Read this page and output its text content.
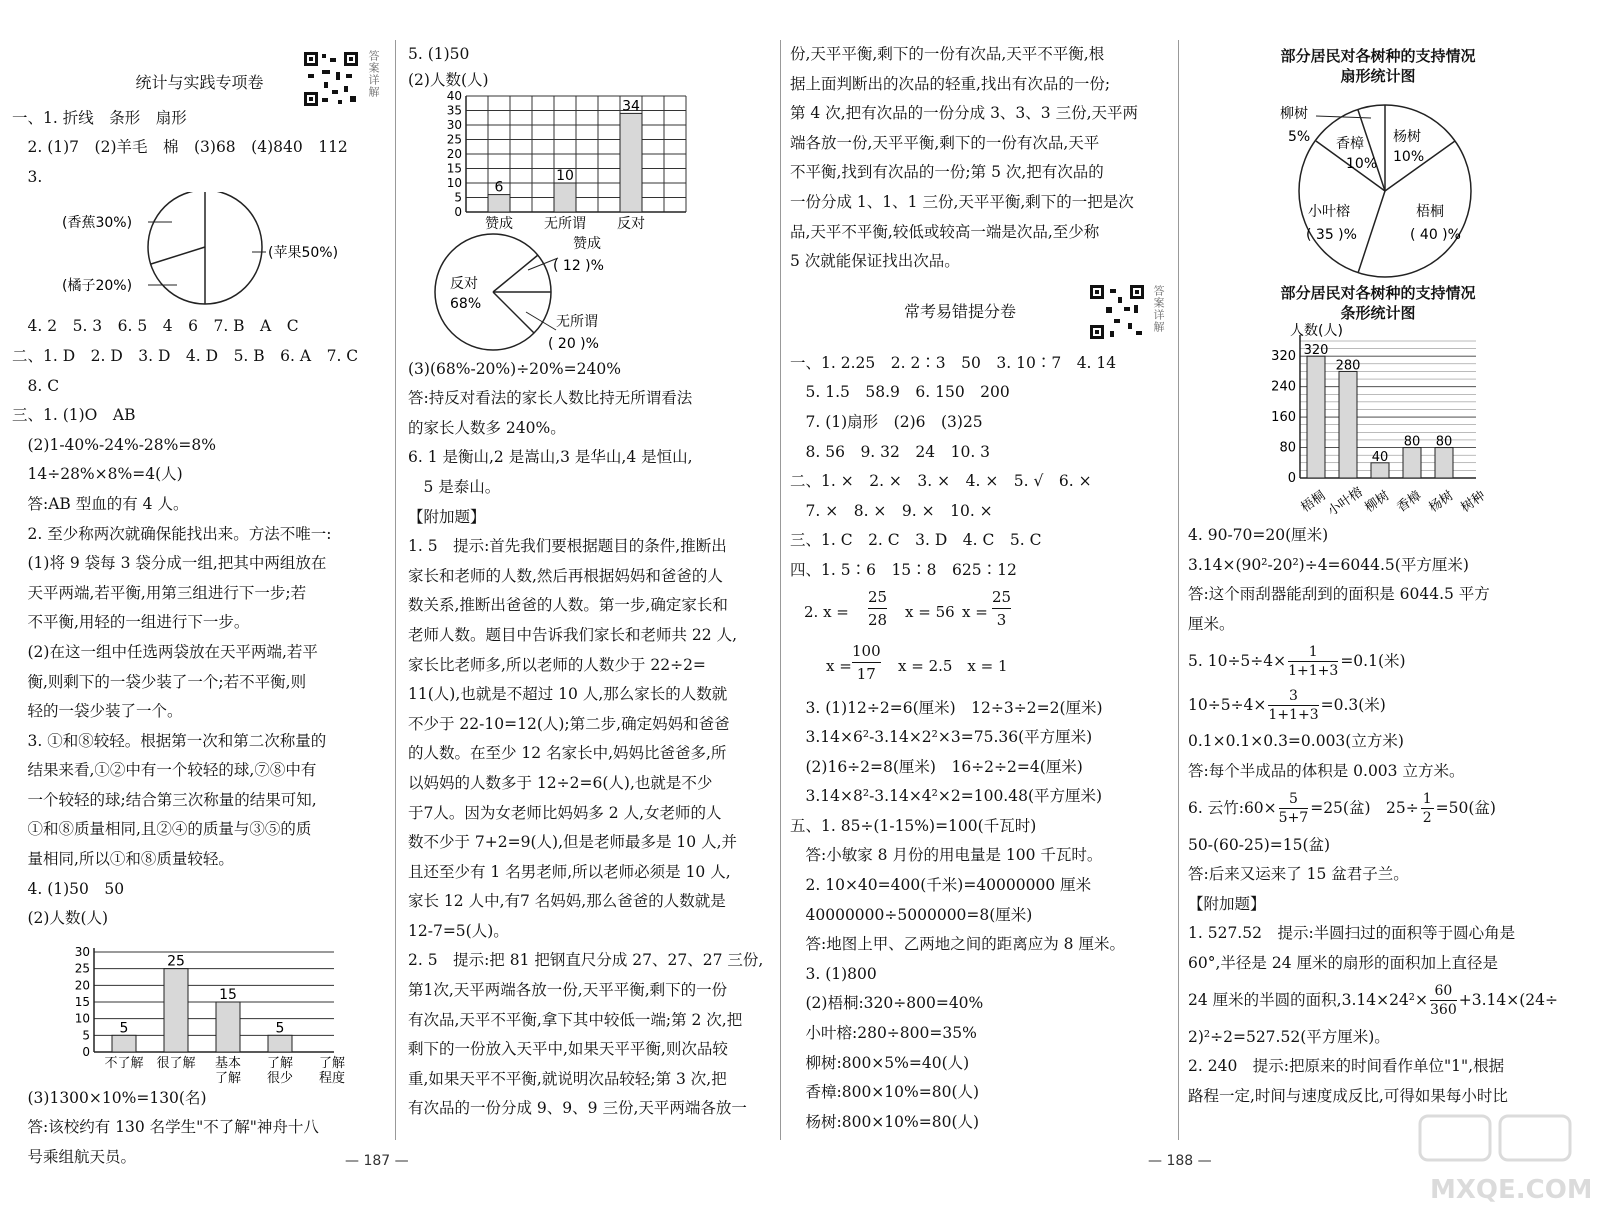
答案详解

统计与实践专项卷

一、1. 折线　条形　扇形

　2. (1)7　(2)羊毛　棉　(3)68　(4)840　112

　3.

(香蕉30%)
(苹果50%)
(橘子20%)

　4. 2　5. 3　6. 5　4　6　7. B　A　C

二、1. D　2. D　3. D　4. D　5. B　6. A　7. C

　8. C

三、1. (1)O　AB

　(2)1-40%-24%-28%=8%

　14÷28%×8%=4(人)

　答:AB 型血的有 4 人。

　2. 至少称两次就确保能找出来。方法不唯一:

　(1)将 9 袋每 3 袋分成一组,把其中两组放在

　天平两端,若平衡,用第三组进行下一步;若

　不平衡,用轻的一组进行下一步。

　(2)在这一组中任选两袋放在天平两端,若平

　衡,则剩下的一袋少装了一个;若不平衡,则

　轻的一袋少装了一个。

　3. ①和⑧较轻。根据第一次和第二次称量的

　结果来看,①②中有一个较轻的球,⑦⑧中有

　一个较轻的球;结合第三次称量的结果可知,

　①和⑧质量相同,且②④的质量与③⑤的质

　量相同,所以①和⑧质量较轻。

　4. (1)50　50

　(2)人数(人)

0
5
10
15
20
25
30
5
不了解
25
很了解
15
基本
了解
5
了解
很少
了解
程度

　(3)1300×10%=130(名)

　答:该校约有 130 名学生"不了解"神舟十八

　号乘组航天员。	— 187 —

5. (1)50

(2)人数(人)

0
5
10
15
20
25
30
35
40
6
赞成
10
无所谓
34
反对
赞成
( 12 )%
反对
68%
无所谓
( 20 )%

(3)(68%-20%)÷20%=240%

答:持反对看法的家长人数比持无所谓看法

的家长人数多 240%。

6. 1 是衡山,2 是嵩山,3 是华山,4 是恒山,

　5 是泰山。

【附加题】

1. 5　提示:首先我们要根据题目的条件,推断出

家长和老师的人数,然后再根据妈妈和爸爸的人

数关系,推断出爸爸的人数。第一步,确定家长和

老师人数。题目中告诉我们家长和老师共 22 人,

家长比老师多,所以老师的人数少于 22÷2=

11(人),也就是不超过 10 人,那么家长的人数就

不少于 22-10=12(人);第二步,确定妈妈和爸爸

的人数。在至少 12 名家长中,妈妈比爸爸多,所

以妈妈的人数多于 12÷2=6(人),也就是不少

于7人。因为女老师比妈妈多 2 人,女老师的人

数不少于 7+2=9(人),但是老师最多是 10 人,并

且还至少有 1 名男老师,所以老师必须是 10 人,

家长 12 人中,有7 名妈妈,那么爸爸的人数就是

12-7=5(人)。

2. 5　提示:把 81 把钢直尺分成 27、27、27 三份,

第1次,天平两端各放一份,天平平衡,剩下的一份

有次品,天平不平衡,拿下其中较低一端;第 2 次,把

剩下的一份放入天平中,如果天平平衡,则次品较

重,如果天平不平衡,就说明次品较轻;第 3 次,把

有次品的一份分成 9、9、9 三份,天平两端各放一

份,天平平衡,剩下的一份有次品,天平不平衡,根

据上面判断出的次品的轻重,找出有次品的一份;

第 4 次,把有次品的一份分成 3、3、3 三份,天平两

端各放一份,天平平衡,剩下的一份有次品,天平

不平衡,找到有次品的一份;第 5 次,把有次品的

一份分成 1、1、1 三份,天平平衡,剩下的一把是次

品,天平不平衡,较低或较高一端是次品,至少称

5 次就能保证找出次品。

常考易错提分卷

一、1. 2.25　2. 2∶3　50　3. 10∶7　4. 14

　5. 1.5　58.9　6. 150　200

　7. (1)扇形　(2)6　(3)25

　8. 56　9. 32　24　10. 3

二、1. ×　2. ×　3. ×　4. ×　5. √　6. ×

　7. ×　8. ×　9. ×　10. ×

三、1. C　2. C　3. D　4. C　5. C

四、1. 5∶6　15∶8　625∶12

2. $x = \frac{25}{28}$ x = 56 $x = \frac{25}{3}$
$x = \frac{100}{17}$ x = 2.5　x = 1

　3. (1)12÷2=6(厘米)　12÷3÷2=2(厘米)

　3.14×6²-3.14×2²×3=75.36(平方厘米)

　(2)16÷2=8(厘米)　16÷2÷2=4(厘米)

　3.14×8²-3.14×4²×2=100.48(平方厘米)

五、1. 85÷(1-15%)=100(千瓦时)

　答:小敏家 8 月份的用电量是 100 千瓦时。

　2. 10×40=400(千米)=40000000 厘米

　40000000÷5000000=8(厘米)

　答:地图上甲、乙两地之间的距离应为 8 厘米。

　3. (1)800

　(2)梧桐:320÷800=40%

　小叶榕:280÷800=35%

　柳树:800×5%=40(人)

　香樟:800×10%=80(人)

　杨树:800×10%=80(人)

答案详解
部分居民对各树种的支持情况
扇形统计图
柳树
5% 香樟
10%
杨树
10%
小叶榕
( 35 )%
梧桐
( 40 )%
部分居民对各树种的支持情况
条形统计图
人数(人)
0
80
160
240
320 320
梧桐
280
小叶榕
40
柳树
80
香樟
80
杨树 树种

4. 90-70=20(厘米)

3.14×(90²-20²)÷4=6044.5(平方厘米)

答:这个雨刮器能刮到的面积是 6044.5 平方

厘米。

5. $10\div 5\div 4\times \frac{1}{1+1+3} =0.1$(米)
$10\div 5\div 4\times \frac{3}{1+1+3} =0.3$(米)

0.1×0.1×0.3=0.003(立方米)

答:每个半成品的体积是 0.003 立方米。

6. 云竹:60× $\frac{5}{5+7} =25$(盆)　$25\div \frac{1}{2} =50$(盆)

50-(60-25)=15(盆)

答:后来又运来了 15 盆君子兰。

【附加题】

1. 527.52　提示:半圆扫过的面积等于圆心角是

60°,半径是 24 厘米的扇形的面积加上直径是

24 厘米的半圆的面积$,3.14\times 24^2\times \frac{60}{360} +3.14\times(24\div$

2)²÷2=527.52(平方厘米)。

2. 240　提示:把原来的时间看作单位"1",根据

路程一定,时间与速度成反比,可得如果每小时比

— 188 —
MXQE.COM
